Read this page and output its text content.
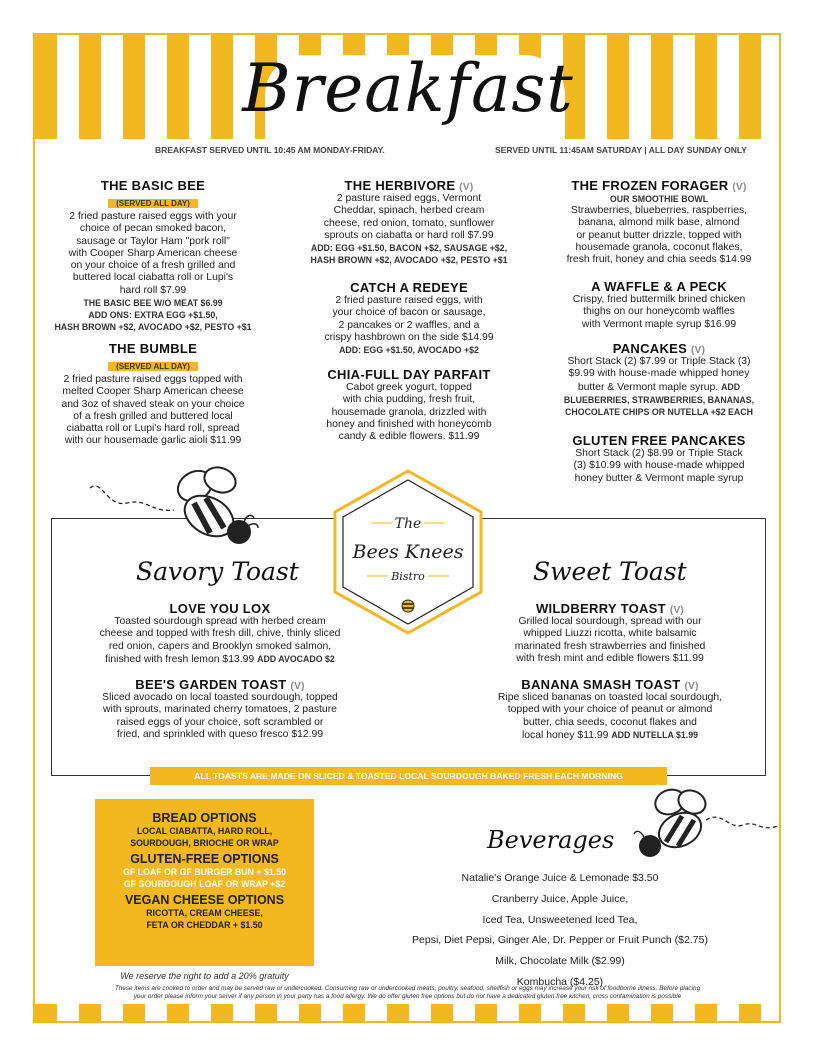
Breakfast
BREAKFAST SERVED UNTIL 10:45 AM MONDAY-FRIDAY.	SERVED UNTIL 11:45AM SATURDAY | ALL DAY SUNDAY ONLY
THE BASIC BEE
(SERVED ALL DAY)
2 fried pasture raised eggs with your
choice of pecan smoked bacon,
sausage or Taylor Ham "pork roll"
with Cooper Sharp American cheese
on your choice of a fresh grilled and
buttered local ciabatta roll or Lupi's
hard roll $7.99
THE BASIC BEE W/O MEAT $6.99
ADD ONS: EXTRA EGG +$1.50,
HASH BROWN +$2, AVOCADO +$2, PESTO +$1
THE BUMBLE
(SERVED ALL DAY)
2 fried pasture raised eggs topped with
melted Cooper Sharp American cheese
and 3oz of shaved steak on your choice
of a fresh grilled and buttered local
ciabatta roll or Lupi's hard roll, spread
with our housemade garlic aioli $11.99
THE HERBIVORE (V)
2 pasture raised eggs, Vermont
Cheddar, spinach, herbed cream
cheese, red onion, tomato, sunflower
sprouts on ciabatta or hard roll $7.99
ADD: EGG +$1.50, BACON +$2, SAUSAGE +$2,
HASH BROWN +$2, AVOCADO +$2, PESTO +$1
CATCH A REDEYE
2 fried pasture raised eggs, with
your choice of bacon or sausage,
2 pancakes or 2 waffles, and a
crispy hashbrown on the side $14.99
ADD: EGG +$1.50, AVOCADO +$2
CHIA-FULL DAY PARFAIT
Cabot greek yogurt, topped
with chia pudding, fresh fruit,
housemade granola, drizzled with
honey and finished with honeycomb
candy & edible flowers. $11.99
THE FROZEN FORAGER (V)
OUR SMOOTHIE BOWL
Strawberries, blueberries, raspberries,
banana, almond milk base, almond
or peanut butter drizzle, topped with
housemade granola, coconut flakes,
fresh fruit, honey and chia seeds $14.99
A WAFFLE & A PECK
Crispy, fried buttermilk brined chicken
thighs on our honeycomb waffles
with Vermont maple syrup $16.99
PANCAKES (V)
Short Stack (2) $7.99 or Triple Stack (3)
$9.99 with house-made whipped honey
butter & Vermont maple syrup. ADD
BLUEBERRIES, STRAWBERRIES, BANANAS,
CHOCOLATE CHIPS OR NUTELLA +$2 EACH
GLUTEN FREE PANCAKES
Short Stack (2) $8.99 or Triple Stack
(3) $10.99 with house-made whipped
honey butter & Vermont maple syrup
The
Bees Knees
Bistro
Savory Toast	Sweet Toast
LOVE YOU LOX
Toasted sourdough spread with herbed cream
cheese and topped with fresh dill, chive, thinly sliced
red onion, capers and Brooklyn smoked salmon,
finished with fresh lemon $13.99 ADD AVOCADO $2
BEE'S GARDEN TOAST (V)
Sliced avocado on local toasted sourdough, topped
with sprouts, marinated cherry tomatoes, 2 pasture
raised eggs of your choice, soft scrambled or
fried, and sprinkled with queso fresco $12.99
WILDBERRY TOAST (V)
Grilled local sourdough, spread with our
whipped Liuzzi ricotta, white balsamic
marinated fresh strawberries and finished
with fresh mint and edible flowers $11.99
BANANA SMASH TOAST (V)
Ripe sliced bananas on toasted local sourdough,
topped with your choice of peanut or almond
butter, chia seeds, coconut flakes and
local honey $11.99 ADD NUTELLA $1.99
ALL TOASTS ARE MADE ON SLICED & TOASTED LOCAL SOURDOUGH BAKED FRESH EACH MORNING
BREAD OPTIONS
LOCAL CIABATTA, HARD ROLL,
SOURDOUGH, BRIOCHE OR WRAP
GLUTEN-FREE OPTIONS
GF LOAF OR GF BURGER BUN + $1.50
GF SOURDOUGH LOAF OR WRAP +$2
VEGAN CHEESE OPTIONS
RICOTTA, CREAM CHEESE,
FETA OR CHEDDAR + $1.50
We reserve the right to add a 20% gratuity
Beverages
Natalie's Orange Juice & Lemonade $3.50
Cranberry Juice, Apple Juice,
Iced Tea, Unsweetened Iced Tea,
Pepsi, Diet Pepsi, Ginger Ale, Dr. Pepper or Fruit Punch ($2.75)
Milk, Chocolate Milk ($2.99)
Kombucha ($4.25)
These items are cooked to order and may be served raw or undercooked. Consuming raw or undercooked meats, poultry, seafood, shellfish or eggs may increase your risk of foodborne illness. Before placing
your order please inform your server if any person in your party has a food allergy. We do offer gluten free options but do not have a dedicated gluten free kitchen, cross contamination is possible
